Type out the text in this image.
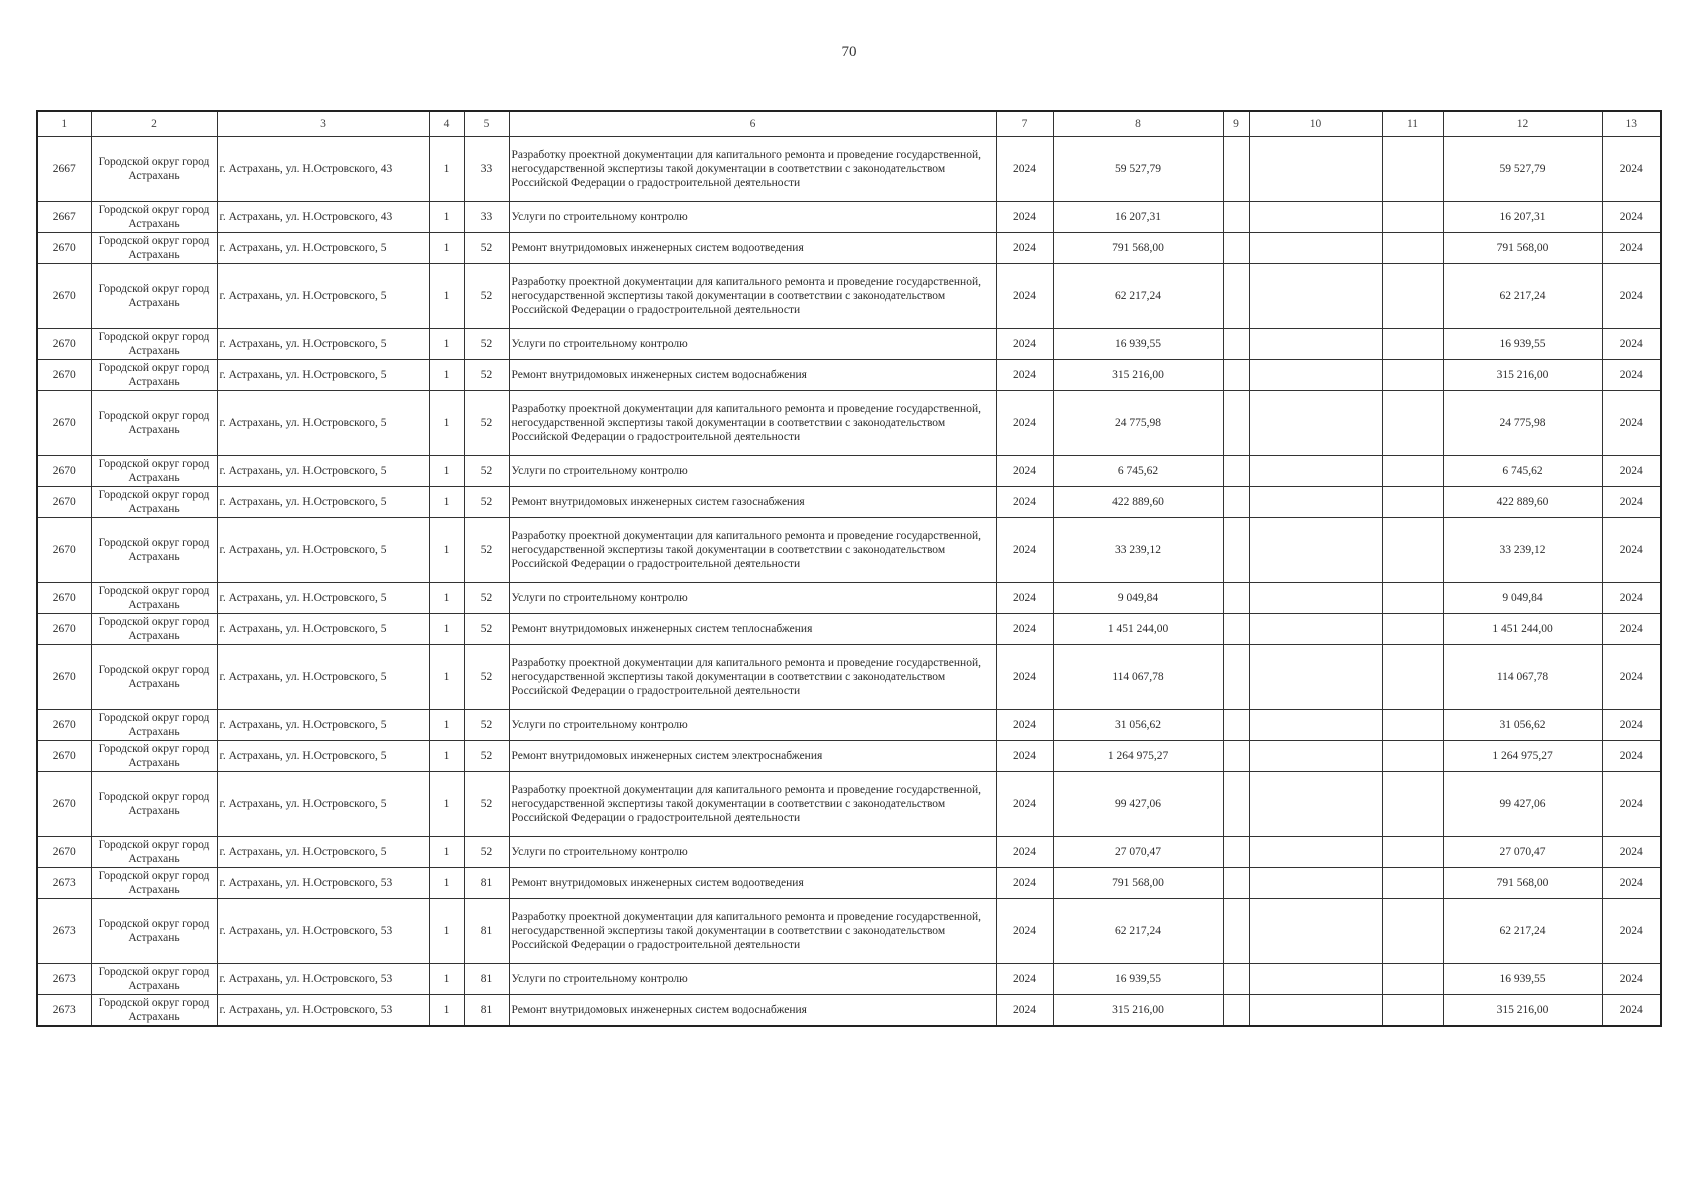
70
1	2	3	4	5	6	7	8	9	10	11	12	13
2667	Городской округ город Астрахань	г. Астрахань, ул. Н.Островского, 43	1	33	Разработку проектной документации для капитального ремонта и проведение государственной, негосударственной экспертизы такой документации в соответствии с законодательством Российской Федерации о градостроительной деятельности	2024	59 527,79				59 527,79	2024
2667	Городской округ город Астрахань	г. Астрахань, ул. Н.Островского, 43	1	33	Услуги по строительному контролю	2024	16 207,31				16 207,31	2024
2670	Городской округ город Астрахань	г. Астрахань, ул. Н.Островского, 5	1	52	Ремонт внутридомовых инженерных систем водоотведения	2024	791 568,00				791 568,00	2024
2670	Городской округ город Астрахань	г. Астрахань, ул. Н.Островского, 5	1	52	Разработку проектной документации для капитального ремонта и проведение государственной, негосударственной экспертизы такой документации в соответствии с законодательством Российской Федерации о градостроительной деятельности	2024	62 217,24				62 217,24	2024
2670	Городской округ город Астрахань	г. Астрахань, ул. Н.Островского, 5	1	52	Услуги по строительному контролю	2024	16 939,55				16 939,55	2024
2670	Городской округ город Астрахань	г. Астрахань, ул. Н.Островского, 5	1	52	Ремонт внутридомовых инженерных систем водоснабжения	2024	315 216,00				315 216,00	2024
2670	Городской округ город Астрахань	г. Астрахань, ул. Н.Островского, 5	1	52	Разработку проектной документации для капитального ремонта и проведение государственной, негосударственной экспертизы такой документации в соответствии с законодательством Российской Федерации о градостроительной деятельности	2024	24 775,98				24 775,98	2024
2670	Городской округ город Астрахань	г. Астрахань, ул. Н.Островского, 5	1	52	Услуги по строительному контролю	2024	6 745,62				6 745,62	2024
2670	Городской округ город Астрахань	г. Астрахань, ул. Н.Островского, 5	1	52	Ремонт внутридомовых инженерных систем газоснабжения	2024	422 889,60				422 889,60	2024
2670	Городской округ город Астрахань	г. Астрахань, ул. Н.Островского, 5	1	52	Разработку проектной документации для капитального ремонта и проведение государственной, негосударственной экспертизы такой документации в соответствии с законодательством Российской Федерации о градостроительной деятельности	2024	33 239,12				33 239,12	2024
2670	Городской округ город Астрахань	г. Астрахань, ул. Н.Островского, 5	1	52	Услуги по строительному контролю	2024	9 049,84				9 049,84	2024
2670	Городской округ город Астрахань	г. Астрахань, ул. Н.Островского, 5	1	52	Ремонт внутридомовых инженерных систем теплоснабжения	2024	1 451 244,00				1 451 244,00	2024
2670	Городской округ город Астрахань	г. Астрахань, ул. Н.Островского, 5	1	52	Разработку проектной документации для капитального ремонта и проведение государственной, негосударственной экспертизы такой документации в соответствии с законодательством Российской Федерации о градостроительной деятельности	2024	114 067,78				114 067,78	2024
2670	Городской округ город Астрахань	г. Астрахань, ул. Н.Островского, 5	1	52	Услуги по строительному контролю	2024	31 056,62				31 056,62	2024
2670	Городской округ город Астрахань	г. Астрахань, ул. Н.Островского, 5	1	52	Ремонт внутридомовых инженерных систем электроснабжения	2024	1 264 975,27				1 264 975,27	2024
2670	Городской округ город Астрахань	г. Астрахань, ул. Н.Островского, 5	1	52	Разработку проектной документации для капитального ремонта и проведение государственной, негосударственной экспертизы такой документации в соответствии с законодательством Российской Федерации о градостроительной деятельности	2024	99 427,06				99 427,06	2024
2670	Городской округ город Астрахань	г. Астрахань, ул. Н.Островского, 5	1	52	Услуги по строительному контролю	2024	27 070,47				27 070,47	2024
2673	Городской округ город Астрахань	г. Астрахань, ул. Н.Островского, 53	1	81	Ремонт внутридомовых инженерных систем водоотведения	2024	791 568,00				791 568,00	2024
2673	Городской округ город Астрахань	г. Астрахань, ул. Н.Островского, 53	1	81	Разработку проектной документации для капитального ремонта и проведение государственной, негосударственной экспертизы такой документации в соответствии с законодательством Российской Федерации о градостроительной деятельности	2024	62 217,24				62 217,24	2024
2673	Городской округ город Астрахань	г. Астрахань, ул. Н.Островского, 53	1	81	Услуги по строительному контролю	2024	16 939,55				16 939,55	2024
2673	Городской округ город Астрахань	г. Астрахань, ул. Н.Островского, 53	1	81	Ремонт внутридомовых инженерных систем водоснабжения	2024	315 216,00				315 216,00	2024
